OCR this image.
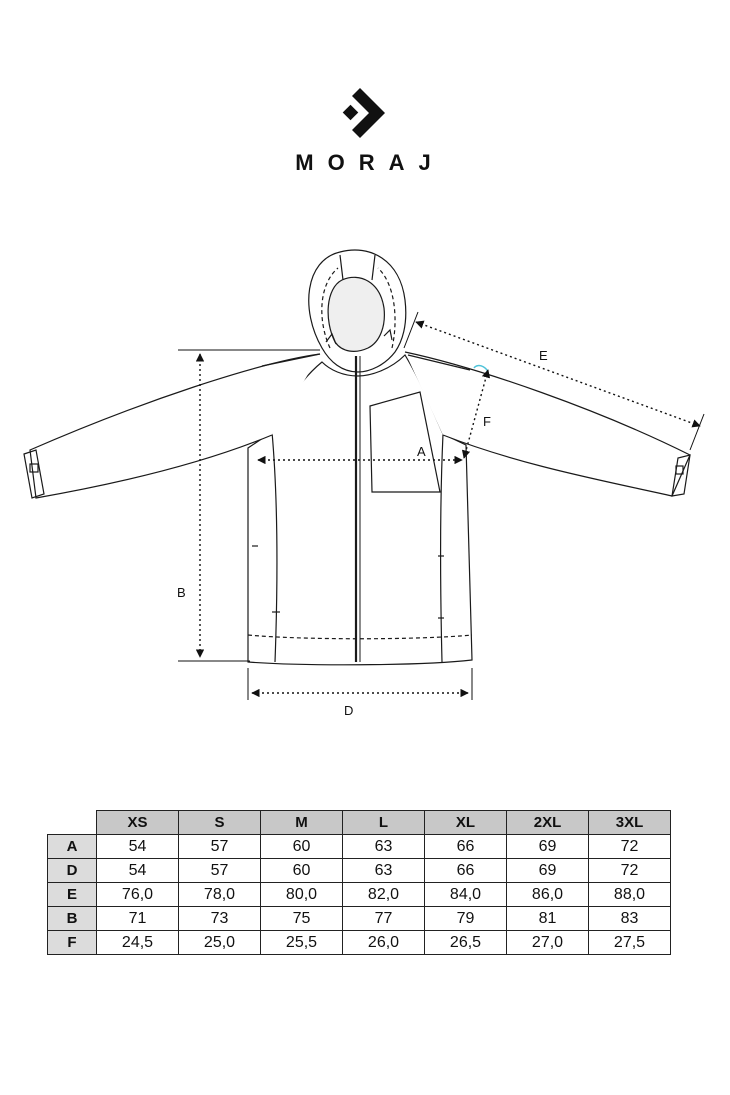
MORAJ
B
A
D
E
F
	XS	S	M	L	XL	2XL	3XL
A	54	57	60	63	66	69	72
D	54	57	60	63	66	69	72
E	76,0	78,0	80,0	82,0	84,0	86,0	88,0
B	71	73	75	77	79	81	83
F	24,5	25,0	25,5	26,0	26,5	27,0	27,5
